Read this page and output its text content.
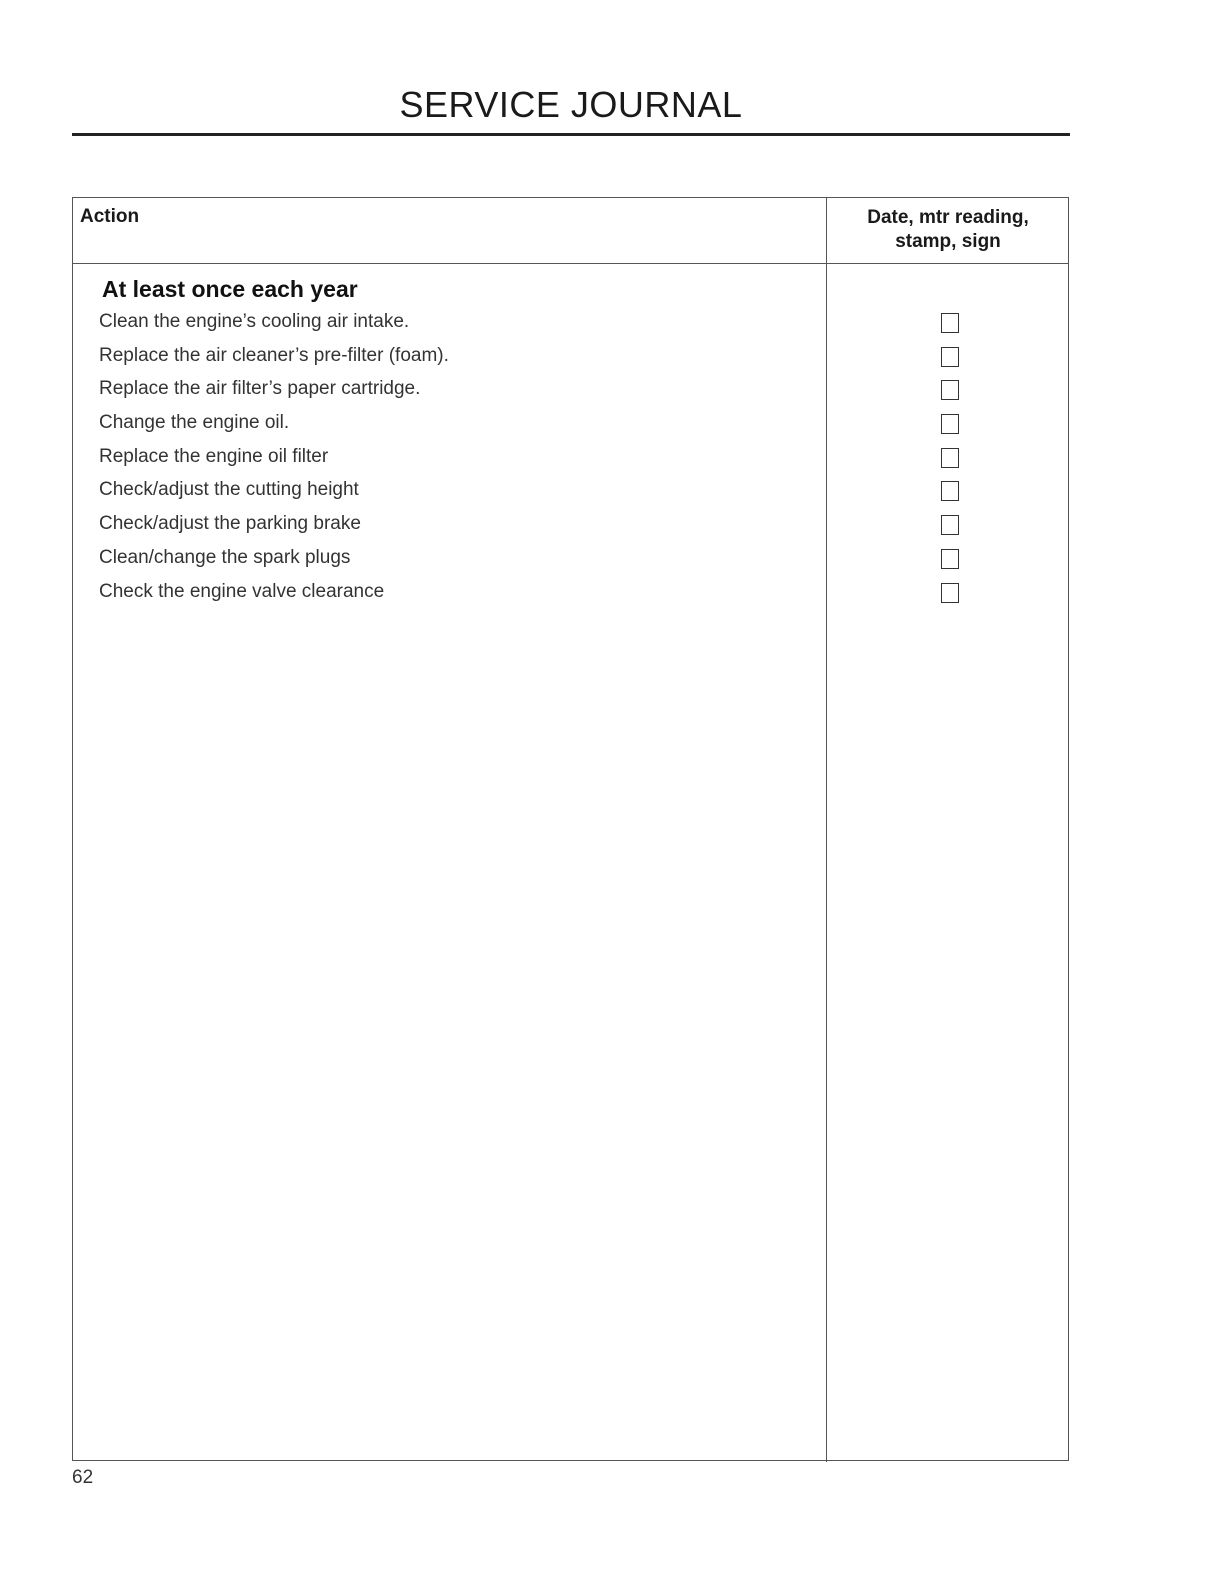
SERVICE JOURNAL
Action	Date, mtr reading,
stamp, sign
At least once each year
Clean the engine’s cooling air intake.
Replace the air cleaner’s pre-filter (foam).
Replace the air filter’s paper cartridge.
Change the engine oil.
Replace the engine oil filter
Check/adjust the cutting height
Check/adjust the parking brake
Clean/change the spark plugs
Check the engine valve clearance
62
